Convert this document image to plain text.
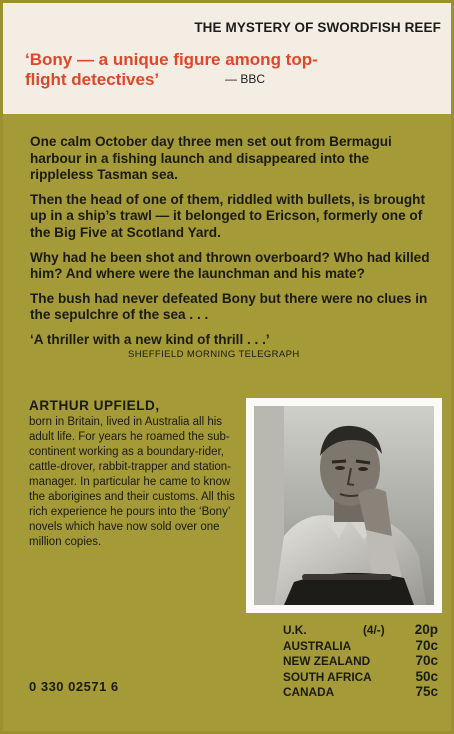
THE MYSTERY OF SWORDFISH REEF
‘Bony — a unique figure among top-flight detectives’	— BBC

One calm October day three men set out from Bermagui harbour in a fishing launch and disappeared into the rippleless Tasman sea.

Then the head of one of them, riddled with bullets, is brought up in a ship’s trawl — it belonged to Ericson, formerly one of the Big Five at Scotland Yard.

Why had he been shot and thrown overboard? Who had killed him? And where were the launchman and his mate?

The bush had never defeated Bony but there were no clues in the sepulchre of the sea . . .

‘A thriller with a new kind of thrill . . .’
SHEFFIELD MORNING TELEGRAPH
ARTHUR UPFIELD,
born in Britain, lived in Australia all his adult life. For years he roamed the sub-continent working as a boundary-rider, cattle-drover, rabbit-trapper and station-manager. In particular he came to know the aborigines and their customs. All this rich experience he pours into the ‘Bony’ novels which have now sold over one million copies.
0 330 02571 6
U.K.	(4/-) 20p
AUSTRALIA	70c
NEW ZEALAND	70c
SOUTH AFRICA	50c
CANADA	75c
